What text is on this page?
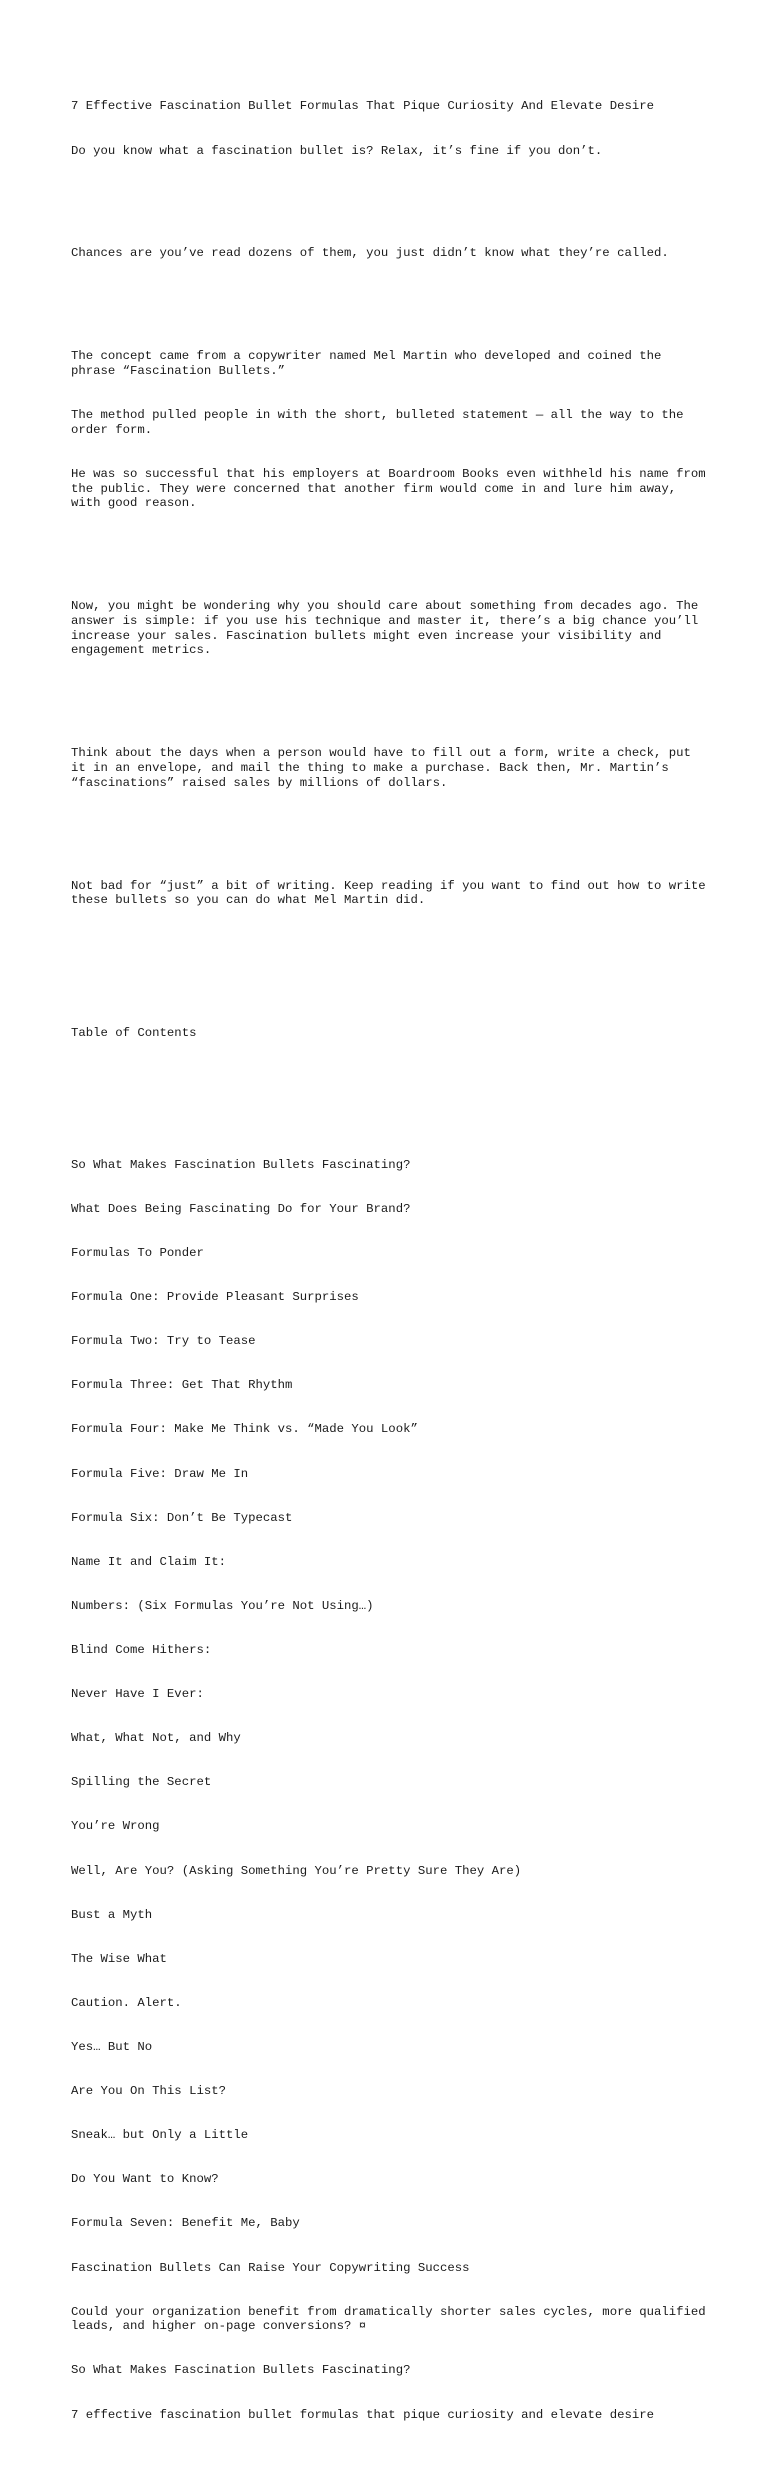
7 Effective Fascination Bullet Formulas That Pique Curiosity And Elevate Desire

Do you know what a fascination bullet is? Relax, it’s fine if you don’t.

Chances are you’ve read dozens of them, you just didn’t know what they’re called.

The concept came from a copywriter named Mel Martin who developed and coined the phrase “Fascination Bullets.”

The method pulled people in with the short, bulleted statement — all the way to the order form.

He was so successful that his employers at Boardroom Books even withheld his name from the public. They were concerned that another firm would come in and lure him away, with good reason.

Now, you might be wondering why you should care about something from decades ago. The answer is simple: if you use his technique and master it, there’s a big chance you’ll increase your sales. Fascination bullets might even increase your visibility and engagement metrics.

Think about the days when a person would have to fill out a form, write a check, put it in an envelope, and mail the thing to make a purchase. Back then, Mr. Martin’s “fascinations” raised sales by millions of dollars.

Not bad for “just” a bit of writing. Keep reading if you want to find out how to write these bullets so you can do what Mel Martin did.

Table of Contents

So What Makes Fascination Bullets Fascinating?

What Does Being Fascinating Do for Your Brand?

Formulas To Ponder

Formula One: Provide Pleasant Surprises

Formula Two: Try to Tease

Formula Three: Get That Rhythm

Formula Four: Make Me Think vs. “Made You Look”

Formula Five: Draw Me In

Formula Six: Don’t Be Typecast

Name It and Claim It:

Numbers: (Six Formulas You’re Not Using…)

Blind Come Hithers:

Never Have I Ever:

What, What Not, and Why

Spilling the Secret

You’re Wrong

Well, Are You? (Asking Something You’re Pretty Sure They Are)

Bust a Myth

The Wise What

Caution. Alert.

Yes… But No

Are You On This List?

Sneak… but Only a Little

Do You Want to Know?

Formula Seven: Benefit Me, Baby

Fascination Bullets Can Raise Your Copywriting Success

Could your organization benefit from dramatically shorter sales cycles, more qualified leads, and higher on-page conversions? ¤

So What Makes Fascination Bullets Fascinating?

7 effective fascination bullet formulas that pique curiosity and elevate desire
